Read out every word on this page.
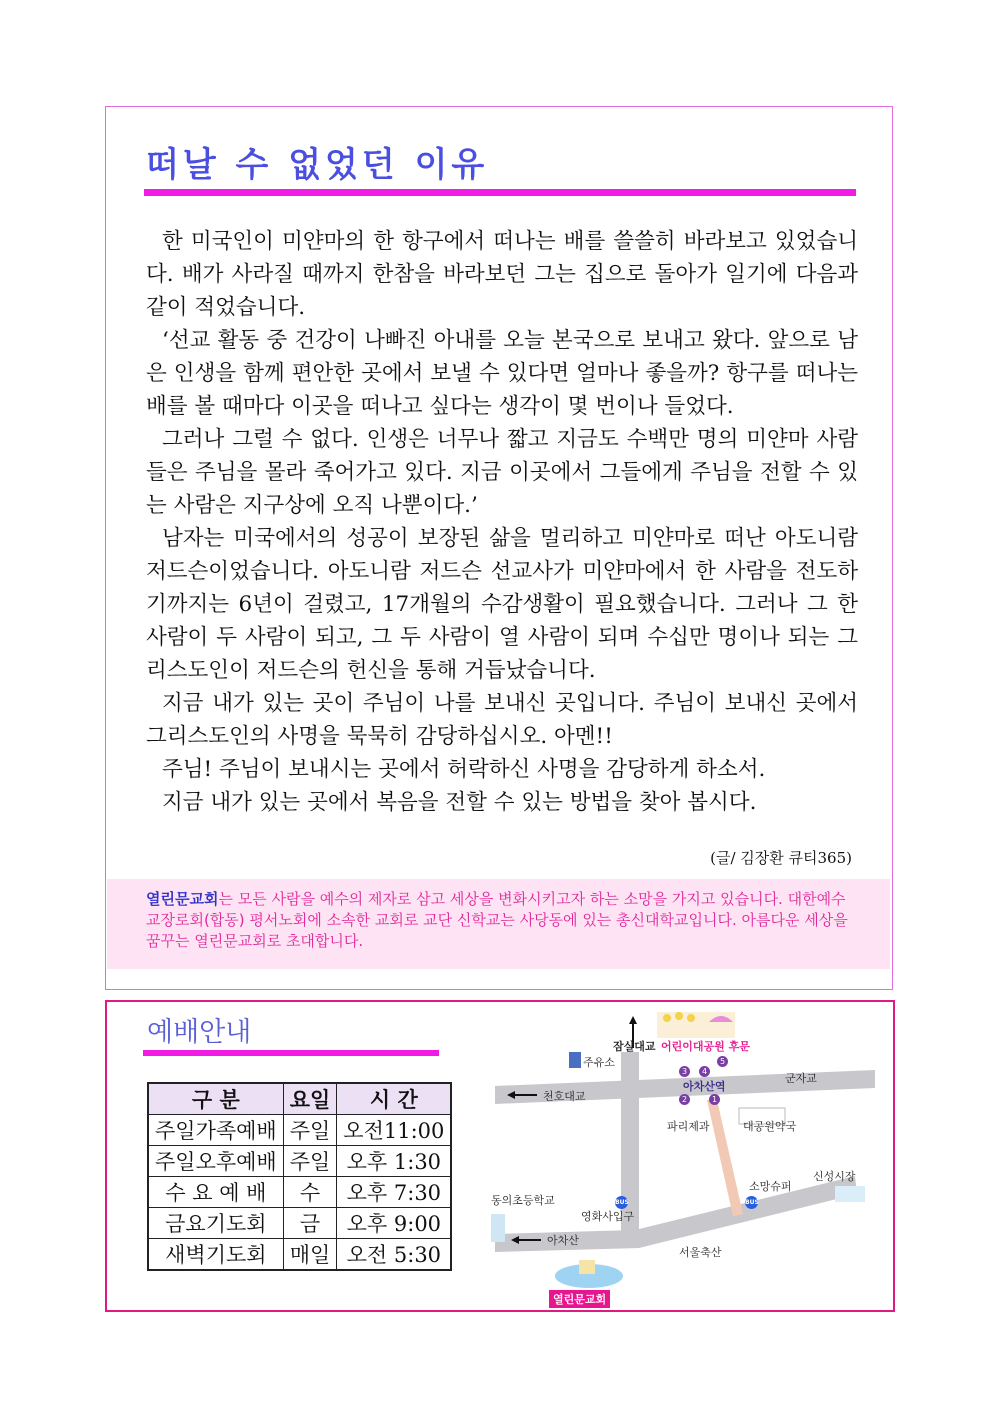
떠날 수 없었던 이유

한 미국인이 미얀마의 한 항구에서 떠나는 배를 쓸쓸히 바라보고 있었습니다. 배가 사라질 때까지 한참을 바라보던 그는 집으로 돌아가 일기에 다음과 같이 적었습니다.

‘선교 활동 중 건강이 나빠진 아내를 오늘 본국으로 보내고 왔다. 앞으로 남은 인생을 함께 편안한 곳에서 보낼 수 있다면 얼마나 좋을까? 항구를 떠나는 배를 볼 때마다 이곳을 떠나고 싶다는 생각이 몇 번이나 들었다.

그러나 그럴 수 없다. 인생은 너무나 짧고 지금도 수백만 명의 미얀마 사람들은 주님을 몰라 죽어가고 있다. 지금 이곳에서 그들에게 주님을 전할 수 있는 사람은 지구상에 오직 나뿐이다.’

남자는 미국에서의 성공이 보장된 삶을 멀리하고 미얀마로 떠난 아도니람 저드슨이었습니다. 아도니람 저드슨 선교사가 미얀마에서 한 사람을 전도하기까지는 6년이 걸렸고, 17개월의 수감생활이 필요했습니다. 그러나 그 한 사람이 두 사람이 되고, 그 두 사람이 열 사람이 되며 수십만 명이나 되는 그리스도인이 저드슨의 헌신을 통해 거듭났습니다.

지금 내가 있는 곳이 주님이 나를 보내신 곳입니다. 주님이 보내신 곳에서 그리스도인의 사명을 묵묵히 감당하십시오. 아멘!!

주님! 주님이 보내시는 곳에서 허락하신 사명을 감당하게 하소서.

지금 내가 있는 곳에서 복음을 전할 수 있는 방법을 찾아 봅시다.

(글/ 김장환 큐티365)

열린문교회는 모든 사람을 예수의 제자로 삼고 세상을 변화시키고자 하는 소망을 가지고 있습니다. 대한예수교장로회(합동) 평서노회에 소속한 교회로 교단 신학교는 사당동에 있는 총신대학교입니다. 아름다운 세상을 꿈꾸는 열린문교회로 초대합니다.

예배안내
구 분	요일	시 간
주일가족예배	주일	오전11:00
주일오후예배	주일	오후 1:30
수 요 예 배	수	오후 7:30
금요기도회	금	오후 9:00
새벽기도회	매일	오전 5:30
잠실대교 어린이대공원 후문
주유소
천호대교
아차산역
군자교
파리제과	대공원약국
소망슈퍼
신성시장
동의초등학교
영화사입구
아차산
서울축산
열린문교회
5
3	4
2	1
BUS	BUS
